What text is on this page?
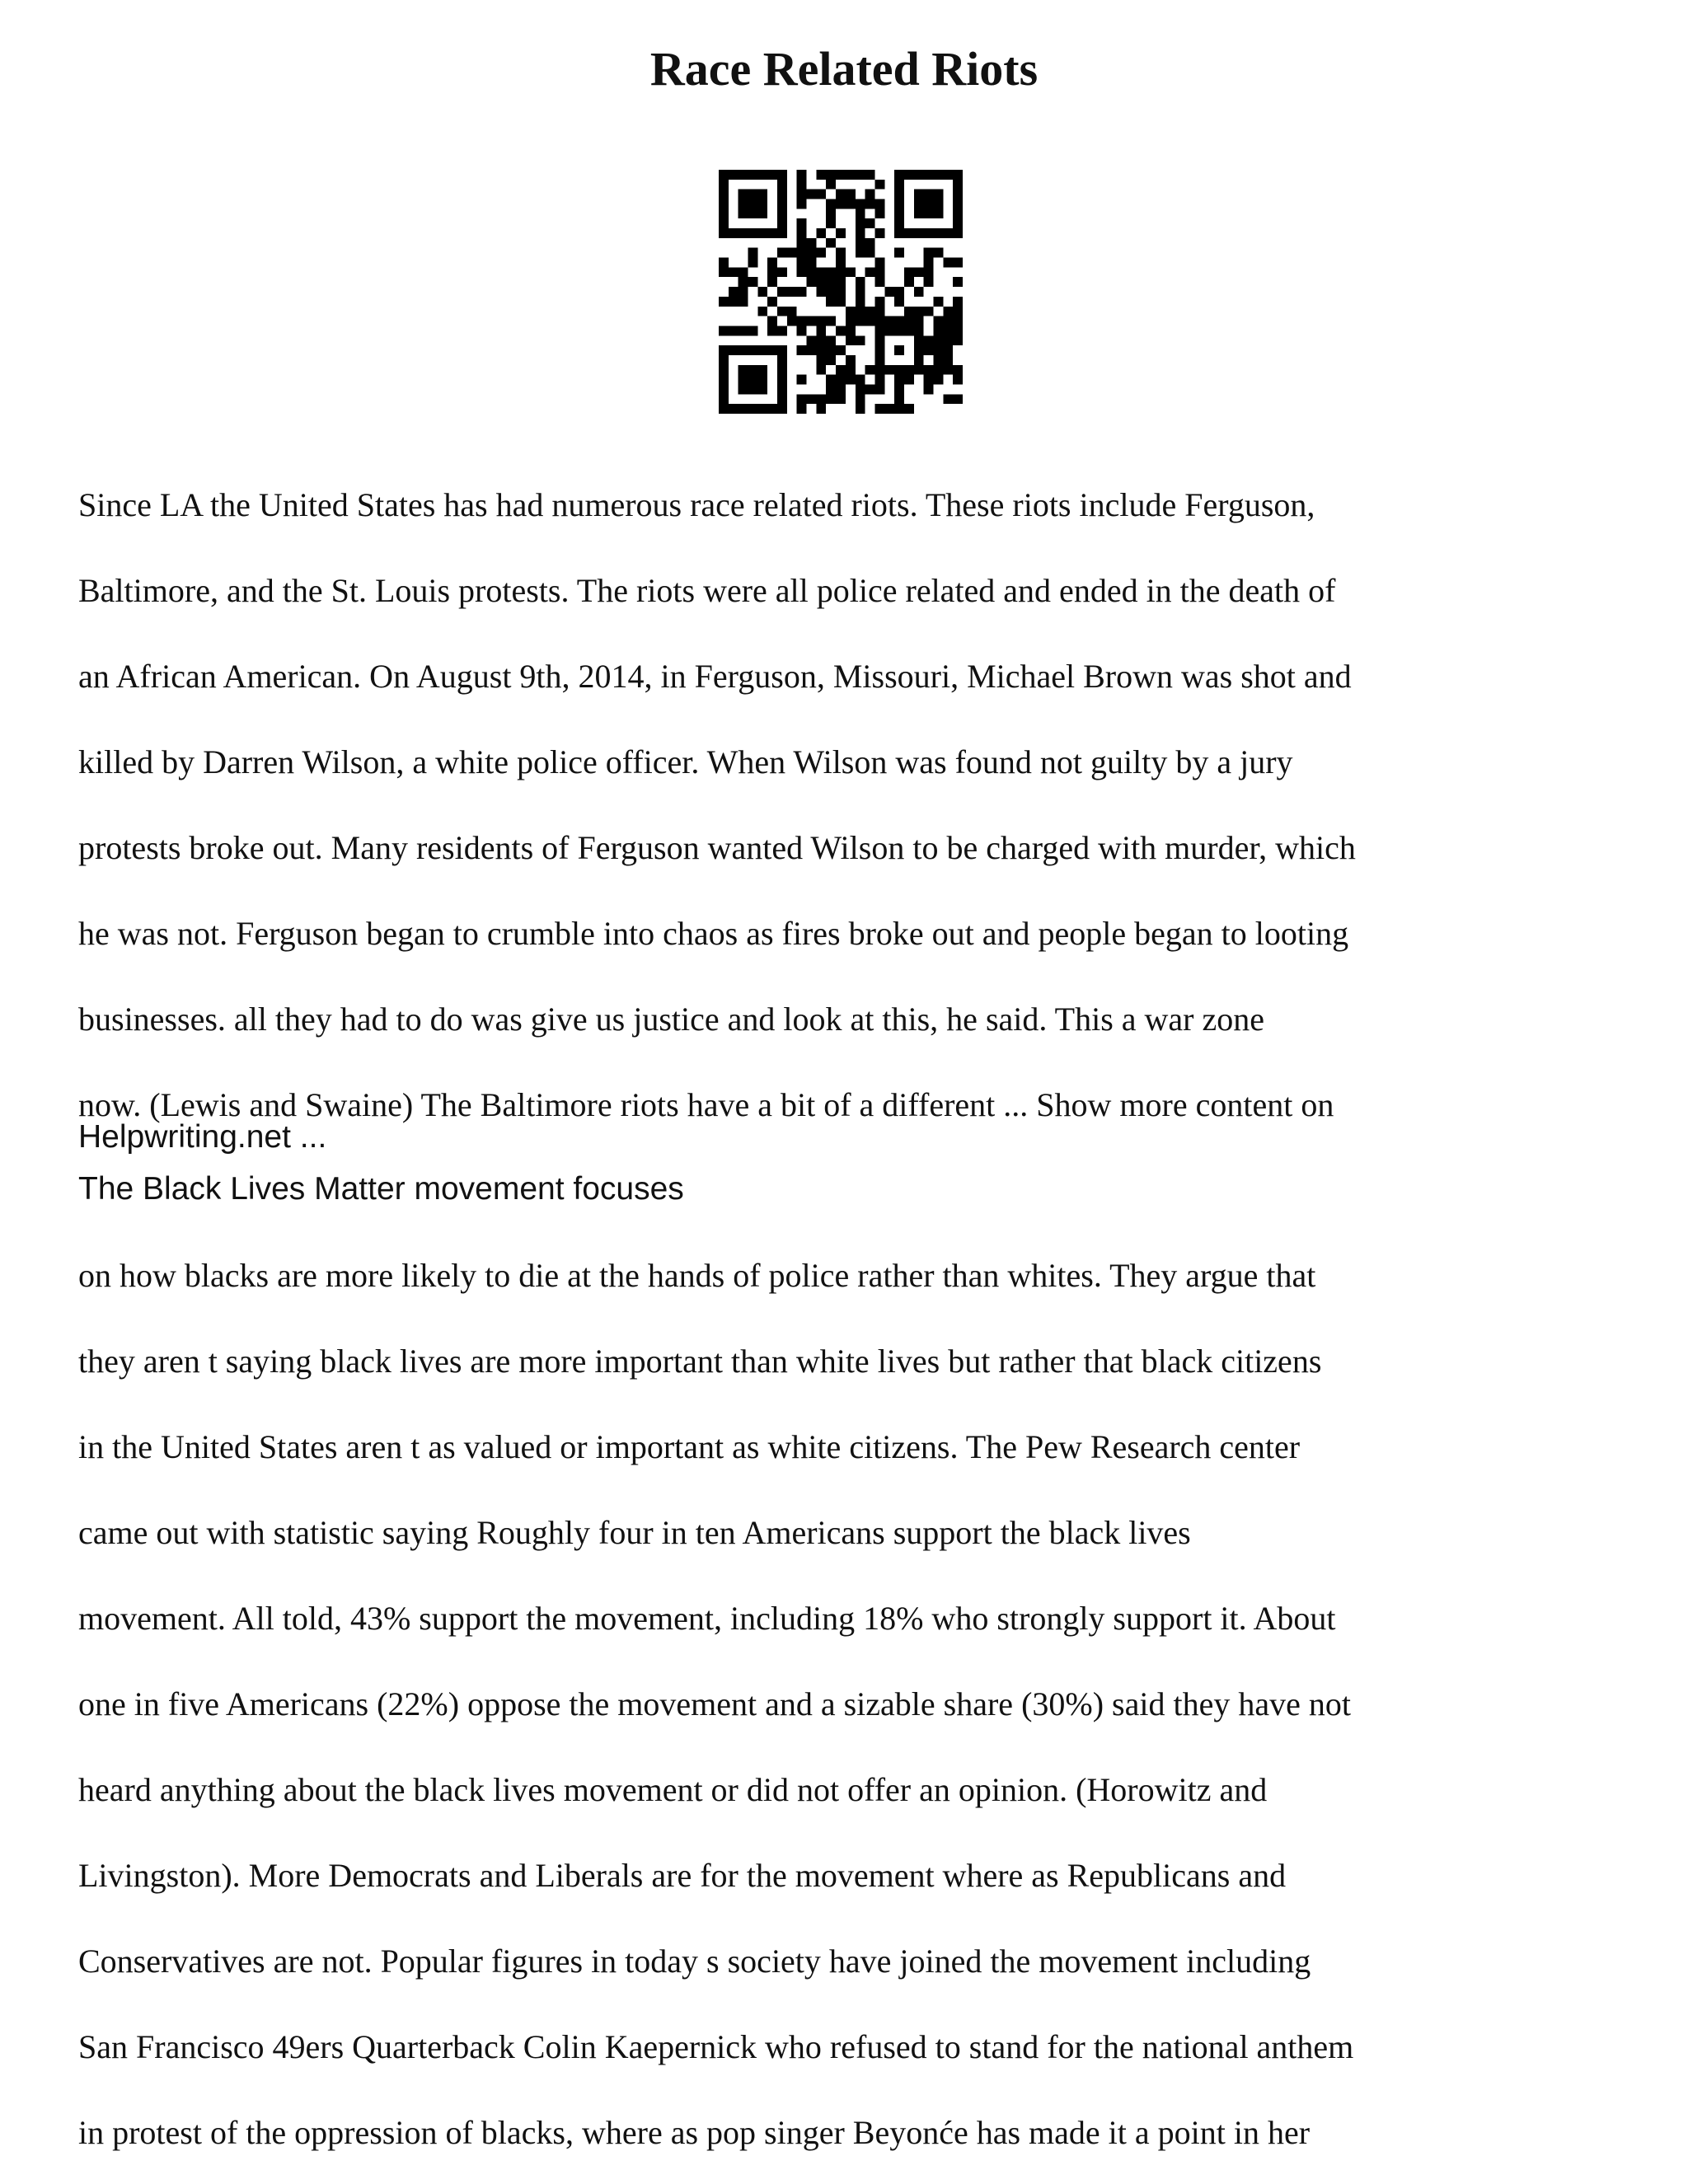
Race Related Riots

Since LA the United States has had numerous race related riots. These riots include Ferguson,

Baltimore, and the St. Louis protests. The riots were all police related and ended in the death of

an African American. On August 9th, 2014, in Ferguson, Missouri, Michael Brown was shot and

killed by Darren Wilson, a white police officer. When Wilson was found not guilty by a jury

protests broke out. Many residents of Ferguson wanted Wilson to be charged with murder, which

he was not. Ferguson began to crumble into chaos as fires broke out and people began to looting

businesses. all they had to do was give us justice and look at this, he said. This a war zone

now. (Lewis and Swaine) The Baltimore riots have a bit of a different ... Show more content on

Helpwriting.net ...

The Black Lives Matter movement focuses

on how blacks are more likely to die at the hands of police rather than whites. They argue that

they aren t saying black lives are more important than white lives but rather that black citizens

in the United States aren t as valued or important as white citizens. The Pew Research center

came out with statistic saying Roughly four in ten Americans support the black lives

movement. All told, 43% support the movement, including 18% who strongly support it. About

one in five Americans (22%) oppose the movement and a sizable share (30%) said they have not

heard anything about the black lives movement or did not offer an opinion. (Horowitz and

Livingston). More Democrats and Liberals are for the movement where as Republicans and

Conservatives are not. Popular figures in today s society have joined the movement including

San Francisco 49ers Quarterback Colin Kaepernick who refused to stand for the national anthem

in protest of the oppression of blacks, where as pop singer Beyonće has made it a point in her
